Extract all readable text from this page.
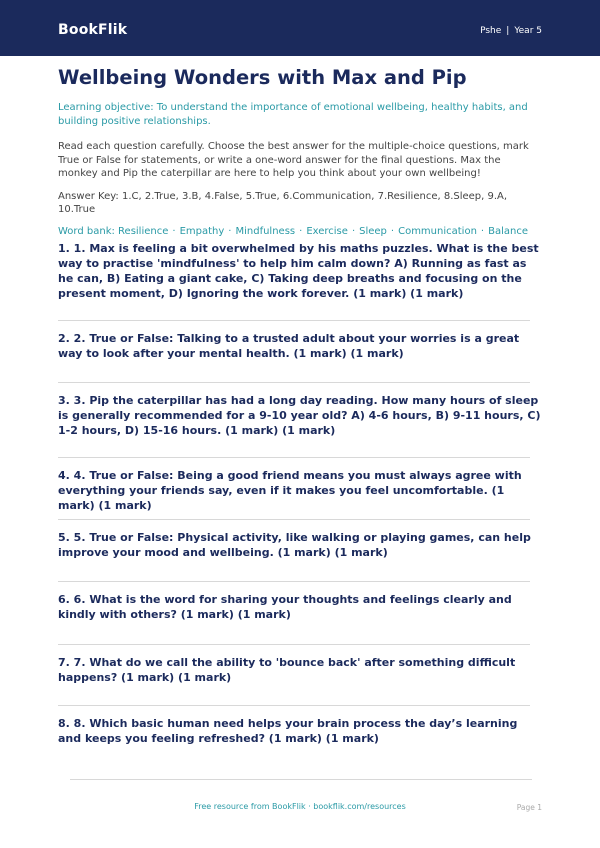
BookFlik	Pshe | Year 5
Wellbeing Wonders with Max and Pip

Learning objective: To understand the importance of emotional wellbeing, healthy habits, and building positive relationships.

Read each question carefully. Choose the best answer for the multiple-choice questions, mark True or False for statements, or write a one-word answer for the final questions. Max the monkey and Pip the caterpillar are here to help you think about your own wellbeing!

Answer Key: 1.C, 2.True, 3.B, 4.False, 5.True, 6.Communication, 7.Resilience, 8.Sleep, 9.A, 10.True

Word bank: Resilience · Empathy · Mindfulness · Exercise · Sleep · Communication · Balance

1. 1. Max is feeling a bit overwhelmed by his maths puzzles. What is the best way to practise 'mindfulness' to help him calm down? A) Running as fast as he can, B) Eating a giant cake, C) Taking deep breaths and focusing on the present moment, D) Ignoring the work forever. (1 mark) (1 mark)
2. 2. True or False: Talking to a trusted adult about your worries is a great way to look after your mental health. (1 mark) (1 mark)
3. 3. Pip the caterpillar has had a long day reading. How many hours of sleep is generally recommended for a 9-10 year old? A) 4-6 hours, B) 9-11 hours, C) 1-2 hours, D) 15-16 hours. (1 mark) (1 mark)
4. 4. True or False: Being a good friend means you must always agree with everything your friends say, even if it makes you feel uncomfortable. (1 mark) (1 mark)
5. 5. True or False: Physical activity, like walking or playing games, can help improve your mood and wellbeing. (1 mark) (1 mark)
6. 6. What is the word for sharing your thoughts and feelings clearly and kindly with others? (1 mark) (1 mark)
7. 7. What do we call the ability to 'bounce back' after something difficult happens? (1 mark) (1 mark)
8. 8. Which basic human need helps your brain process the day’s learning and keeps you feeling refreshed? (1 mark) (1 mark)
Free resource from BookFlik · bookflik.com/resources	Page 1
